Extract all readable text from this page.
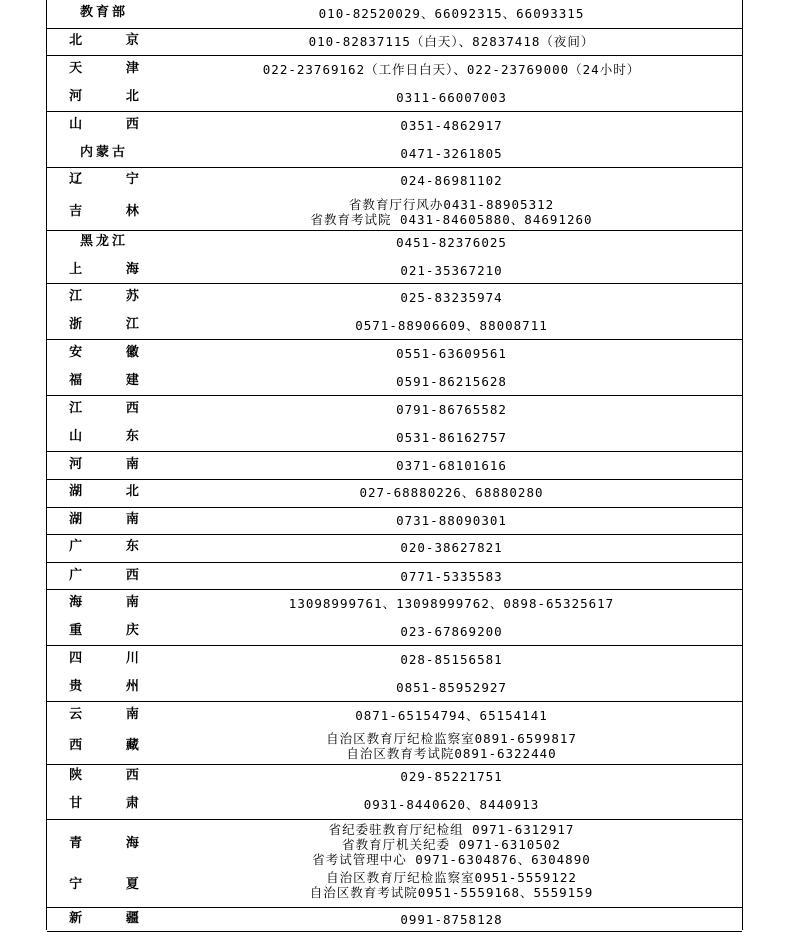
教育部	010-82520029、66092315、66093315
北 京	010-82837115（白天）、82837418（夜间）
天 津	022-23769162（工作日白天）、022-23769000（24小时）
河 北	0311-66007003
山 西	0351-4862917
内蒙古	0471-3261805
辽 宁	024-86981102
吉 林	省教育厅行风办0431-88905312
省教育考试院 0431-84605880、84691260
黑龙江	0451-82376025
上 海	021-35367210
江 苏	025-83235974
浙 江	0571-88906609、88008711
安 徽	0551-63609561
福 建	0591-86215628
江 西	0791-86765582
山 东	0531-86162757
河 南	0371-68101616
湖 北	027-68880226、68880280
湖 南	0731-88090301
广 东	020-38627821
广 西	0771-5335583
海 南	13098999761、13098999762、0898-65325617
重 庆	023-67869200
四 川	028-85156581
贵 州	0851-85952927
云 南	0871-65154794、65154141
西 藏	自治区教育厅纪检监察室0891-6599817
自治区教育考试院0891-6322440
陕 西	029-85221751
甘 肃	0931-8440620、8440913
青 海
省纪委驻教育厅纪检组 0971-6312917
省教育厅机关纪委 0971-6310502
省考试管理中心 0971-6304876、6304890
宁 夏	自治区教育厅纪检监察室0951-5559122
自治区教育考试院0951-5559168、5559159
新 疆	0991-8758128
